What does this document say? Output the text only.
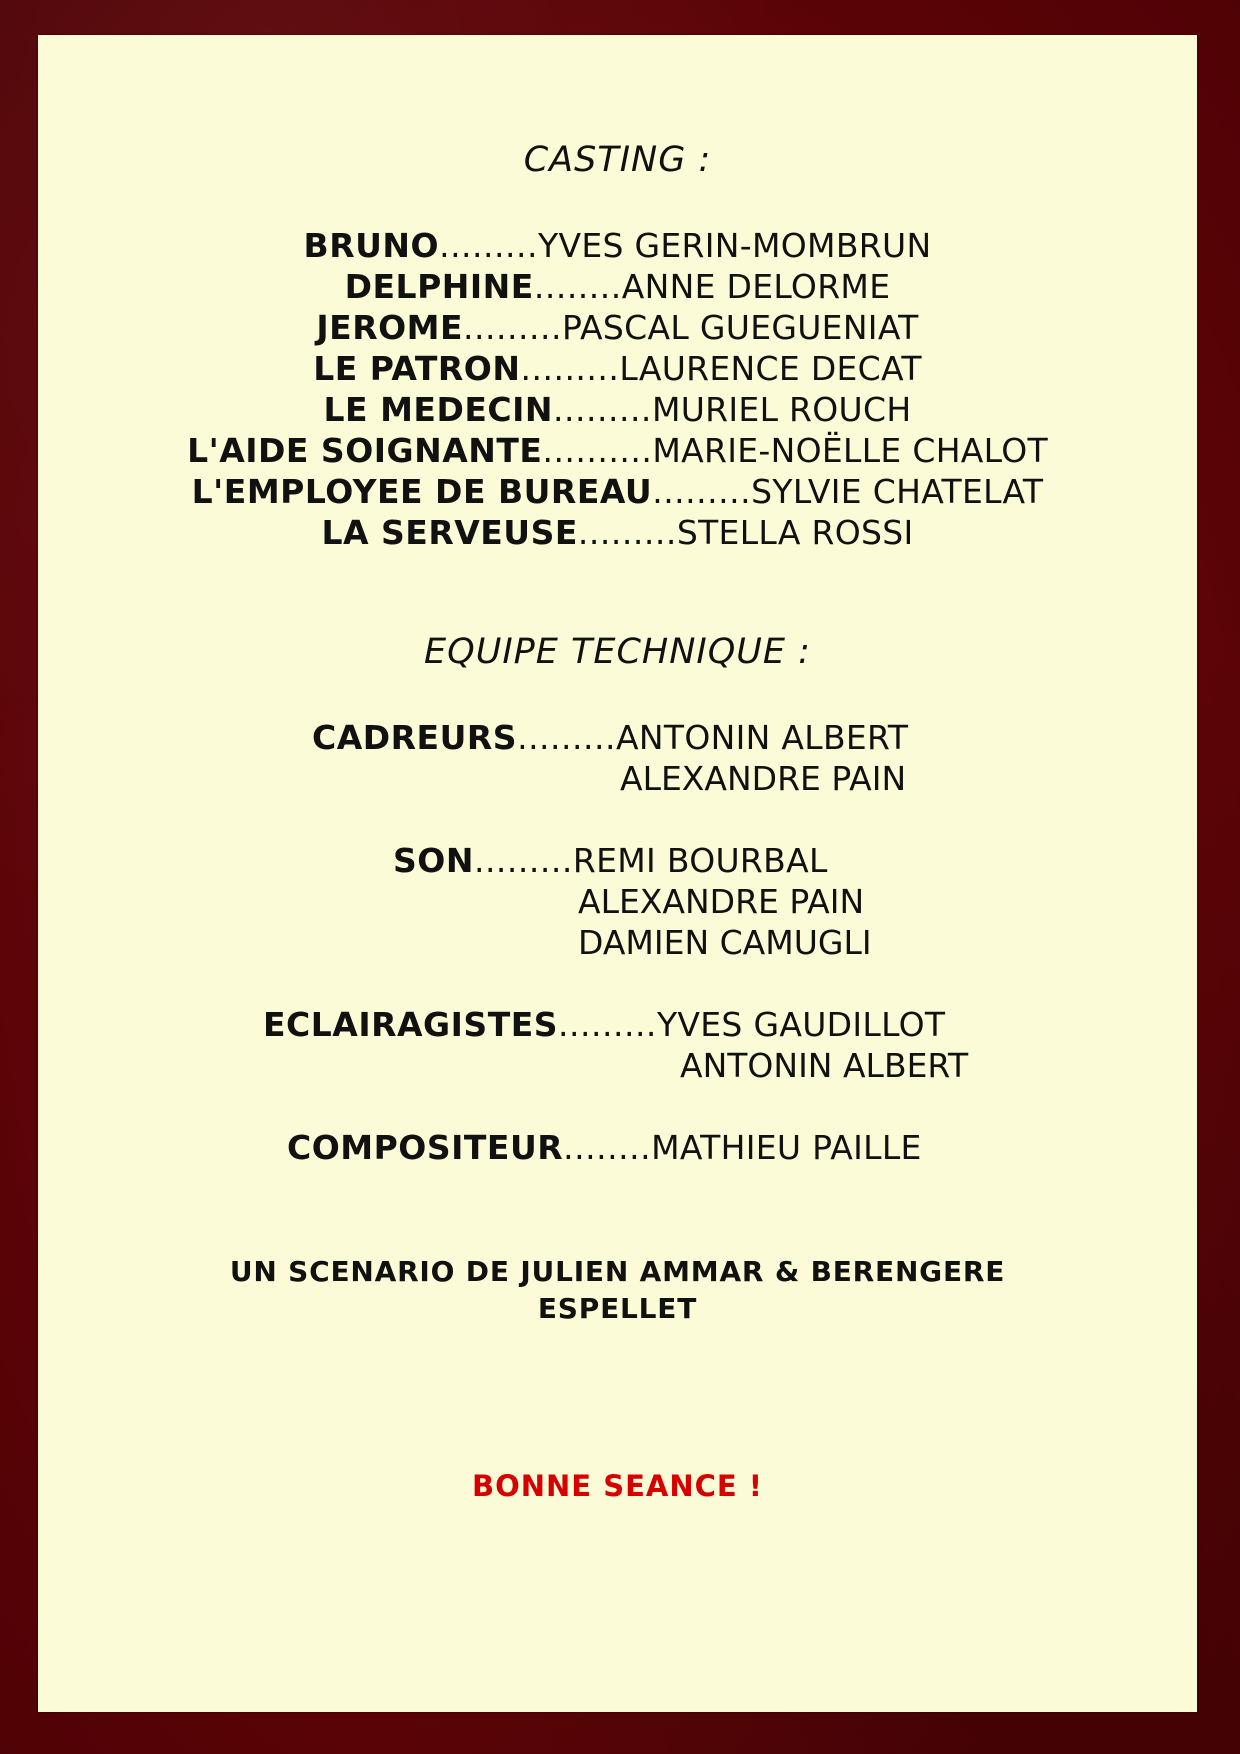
CASTING :
BRUNO.........YVES GERIN-MOMBRUN
DELPHINE........ANNE DELORME
JEROME.........PASCAL GUEGUENIAT
LE PATRON.........LAURENCE DECAT
LE MEDECIN.........MURIEL ROUCH
L'AIDE SOIGNANTE..........MARIE-NOËLLE CHALOT
L'EMPLOYEE DE BUREAU.........SYLVIE CHATELAT
LA SERVEUSE.........STELLA ROSSI
EQUIPE TECHNIQUE :
CADREURS.........ANTONIN ALBERT
ALEXANDRE PAIN
SON.........REMI BOURBAL
ALEXANDRE PAIN
DAMIEN CAMUGLI
ECLAIRAGISTES.........YVES GAUDILLOT
ANTONIN ALBERT
COMPOSITEUR........MATHIEU PAILLE
UN SCENARIO DE JULIEN AMMAR & BERENGERE ESPELLET
BONNE SEANCE !
